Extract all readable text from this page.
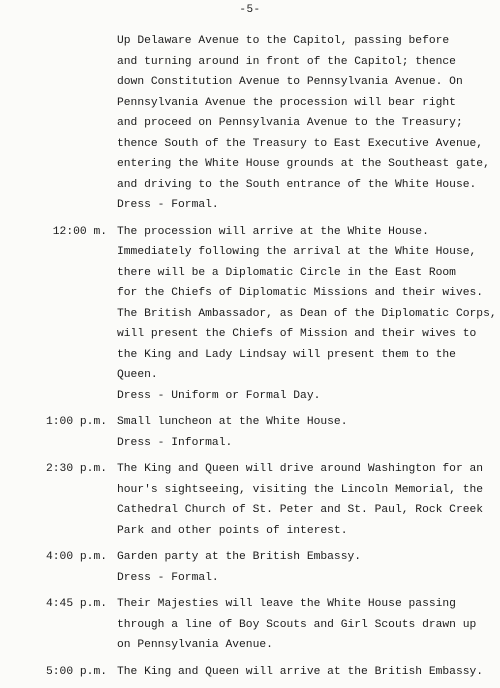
-5-
Up Delaware Avenue to the Capitol, passing before
and turning around in front of the Capitol; thence
down Constitution Avenue to Pennsylvania Avenue. On
Pennsylvania Avenue the procession will bear right
and proceed on Pennsylvania Avenue to the Treasury;
thence South of the Treasury to East Executive Avenue,
entering the White House grounds at the Southeast gate,
and driving to the South entrance of the White House.
Dress - Formal.
12:00 m. The procession will arrive at the White House.
Immediately following the arrival at the White House,
there will be a Diplomatic Circle in the East Room
for the Chiefs of Diplomatic Missions and their wives.
The British Ambassador, as Dean of the Diplomatic Corps,
will present the Chiefs of Mission and their wives to
the King and Lady Lindsay will present them to the
Queen.
Dress - Uniform or Formal Day.
1:00 p.m. Small luncheon at the White House.
Dress - Informal.
2:30 p.m. The King and Queen will drive around Washington for an
hour's sightseeing, visiting the Lincoln Memorial, the
Cathedral Church of St. Peter and St. Paul, Rock Creek
Park and other points of interest.
4:00 p.m. Garden party at the British Embassy.
Dress - Formal.
4:45 p.m. Their Majesties will leave the White House passing
through a line of Boy Scouts and Girl Scouts drawn up
on Pennsylvania Avenue.
5:00 p.m. The King and Queen will arrive at the British Embassy.
